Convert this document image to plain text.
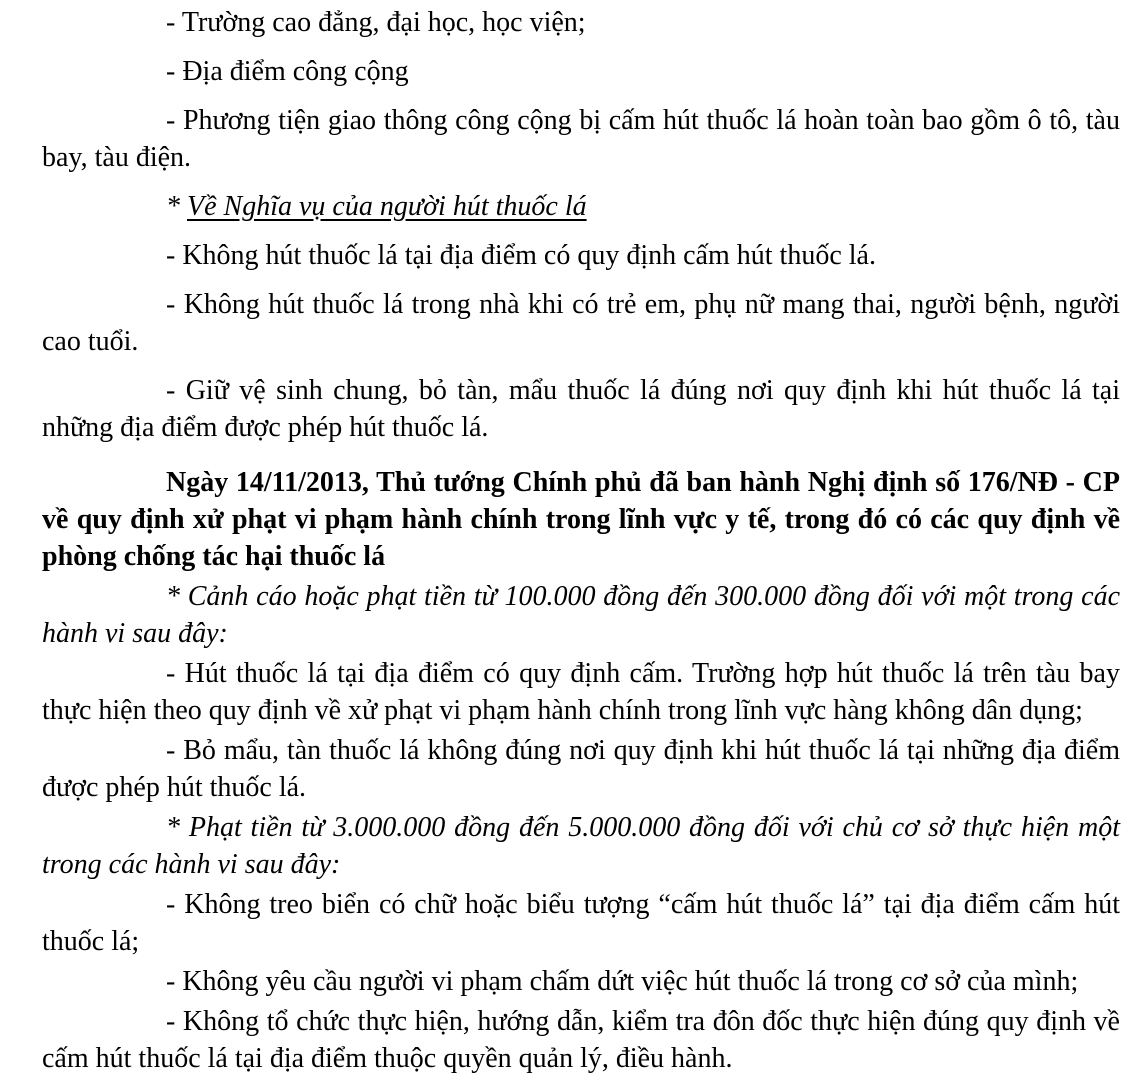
- Trường cao đẳng, đại học, học viện;

- Địa điểm công cộng

- Phương tiện giao thông công cộng bị cấm hút thuốc lá hoàn toàn bao gồm ô tô, tàu bay, tàu điện.

* Về Nghĩa vụ của người hút thuốc lá

- Không hút thuốc lá tại địa điểm có quy định cấm hút thuốc lá.

- Không hút thuốc lá trong nhà khi có trẻ em, phụ nữ mang thai, người bệnh, người cao tuổi.

- Giữ vệ sinh chung, bỏ tàn, mẩu thuốc lá đúng nơi quy định khi hút thuốc lá tại những địa điểm được phép hút thuốc lá.

Ngày 14/11/2013, Thủ tướng Chính phủ đã ban hành Nghị định số 176/NĐ - CP về quy định xử phạt vi phạm hành chính trong lĩnh vực y tế, trong đó có các quy định về phòng chống tác hại thuốc lá

* Cảnh cáo hoặc phạt tiền từ 100.000 đồng đến 300.000 đồng đối với một trong các hành vi sau đây:

- Hút thuốc lá tại địa điểm có quy định cấm. Trường hợp hút thuốc lá trên tàu bay thực hiện theo quy định về xử phạt vi phạm hành chính trong lĩnh vực hàng không dân dụng;

- Bỏ mẩu, tàn thuốc lá không đúng nơi quy định khi hút thuốc lá tại những địa điểm được phép hút thuốc lá.

* Phạt tiền từ 3.000.000 đồng đến 5.000.000 đồng đối với chủ cơ sở thực hiện một trong các hành vi sau đây:

- Không treo biển có chữ hoặc biểu tượng “cấm hút thuốc lá” tại địa điểm cấm hút thuốc lá;

- Không yêu cầu người vi phạm chấm dứt việc hút thuốc lá trong cơ sở của mình;

- Không tổ chức thực hiện, hướng dẫn, kiểm tra đôn đốc thực hiện đúng quy định về cấm hút thuốc lá tại địa điểm thuộc quyền quản lý, điều hành.
